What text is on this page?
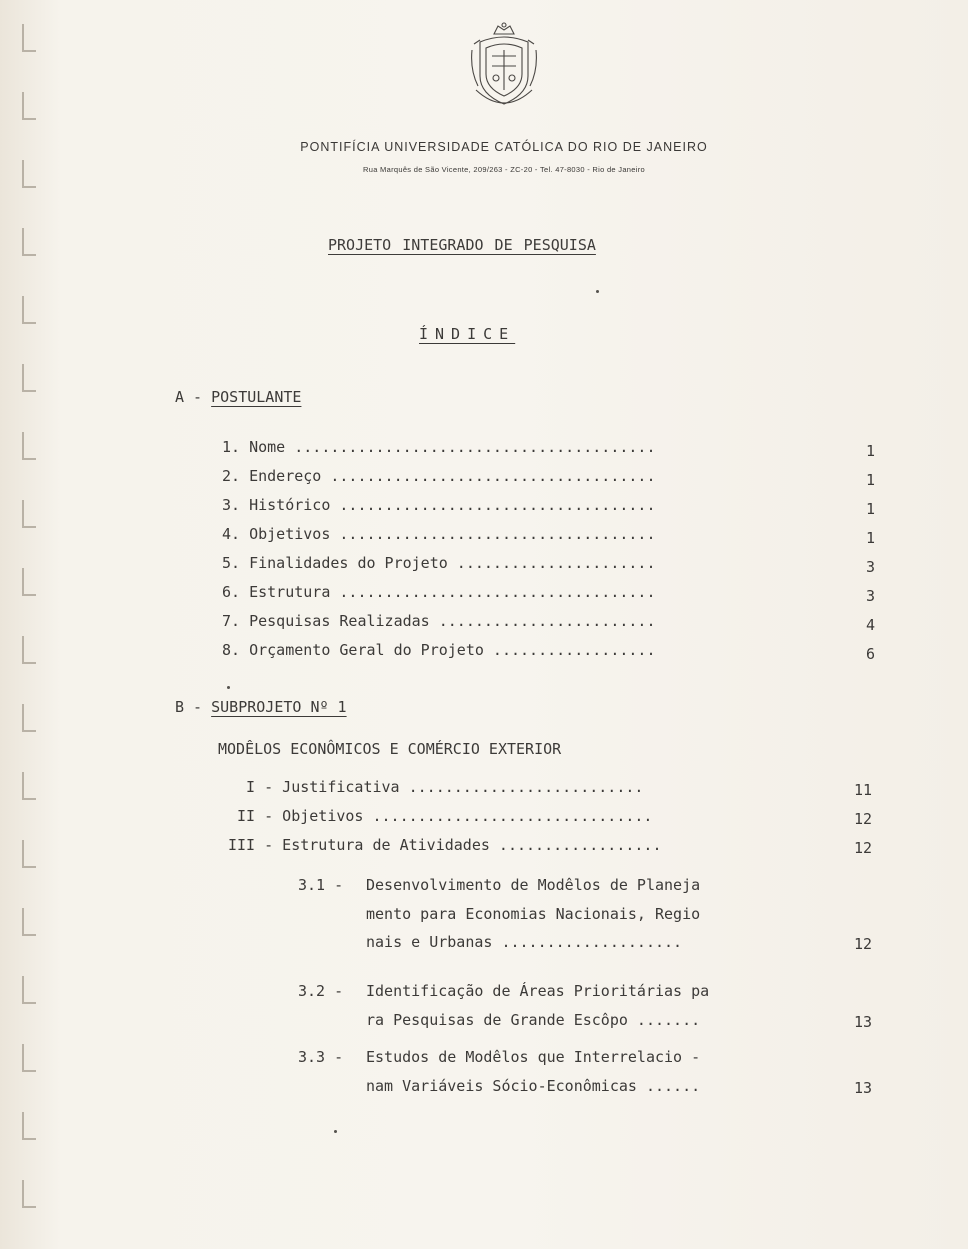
PONTIFÍCIA UNIVERSIDADE CATÓLICA DO RIO DE JANEIRO
Rua Marquês de São Vicente, 209/263 - ZC-20 - Tel. 47-8030 - Rio de Janeiro
PROJETO INTEGRADO DE PESQUISA
ÍNDICE
A - POSTULANTE
1. Nome ........................................	1
2. Endereço ....................................	1
3. Histórico ...................................	1
4. Objetivos ...................................	1
5. Finalidades do Projeto ......................	3
6. Estrutura ...................................	3
7. Pesquisas Realizadas ........................	4
8. Orçamento Geral do Projeto ..................	6
B - SUBPROJETO Nº 1
MODÊLOS ECONÔMICOS E COMÉRCIO EXTERIOR
I - Justificativa ..........................	11
II - Objetivos ...............................	12
III - Estrutura de Atividades ..................	12
3.1 - Desenvolvimento de Modêlos de Planeja
mento para Economias Nacionais, Regio
nais e Urbanas ....................	12
3.2 - Identificação de Áreas Prioritárias pa
ra Pesquisas de Grande Escôpo .......	13
3.3 - Estudos de Modêlos que Interrelacio -
nam Variáveis Sócio-Econômicas ......	13
